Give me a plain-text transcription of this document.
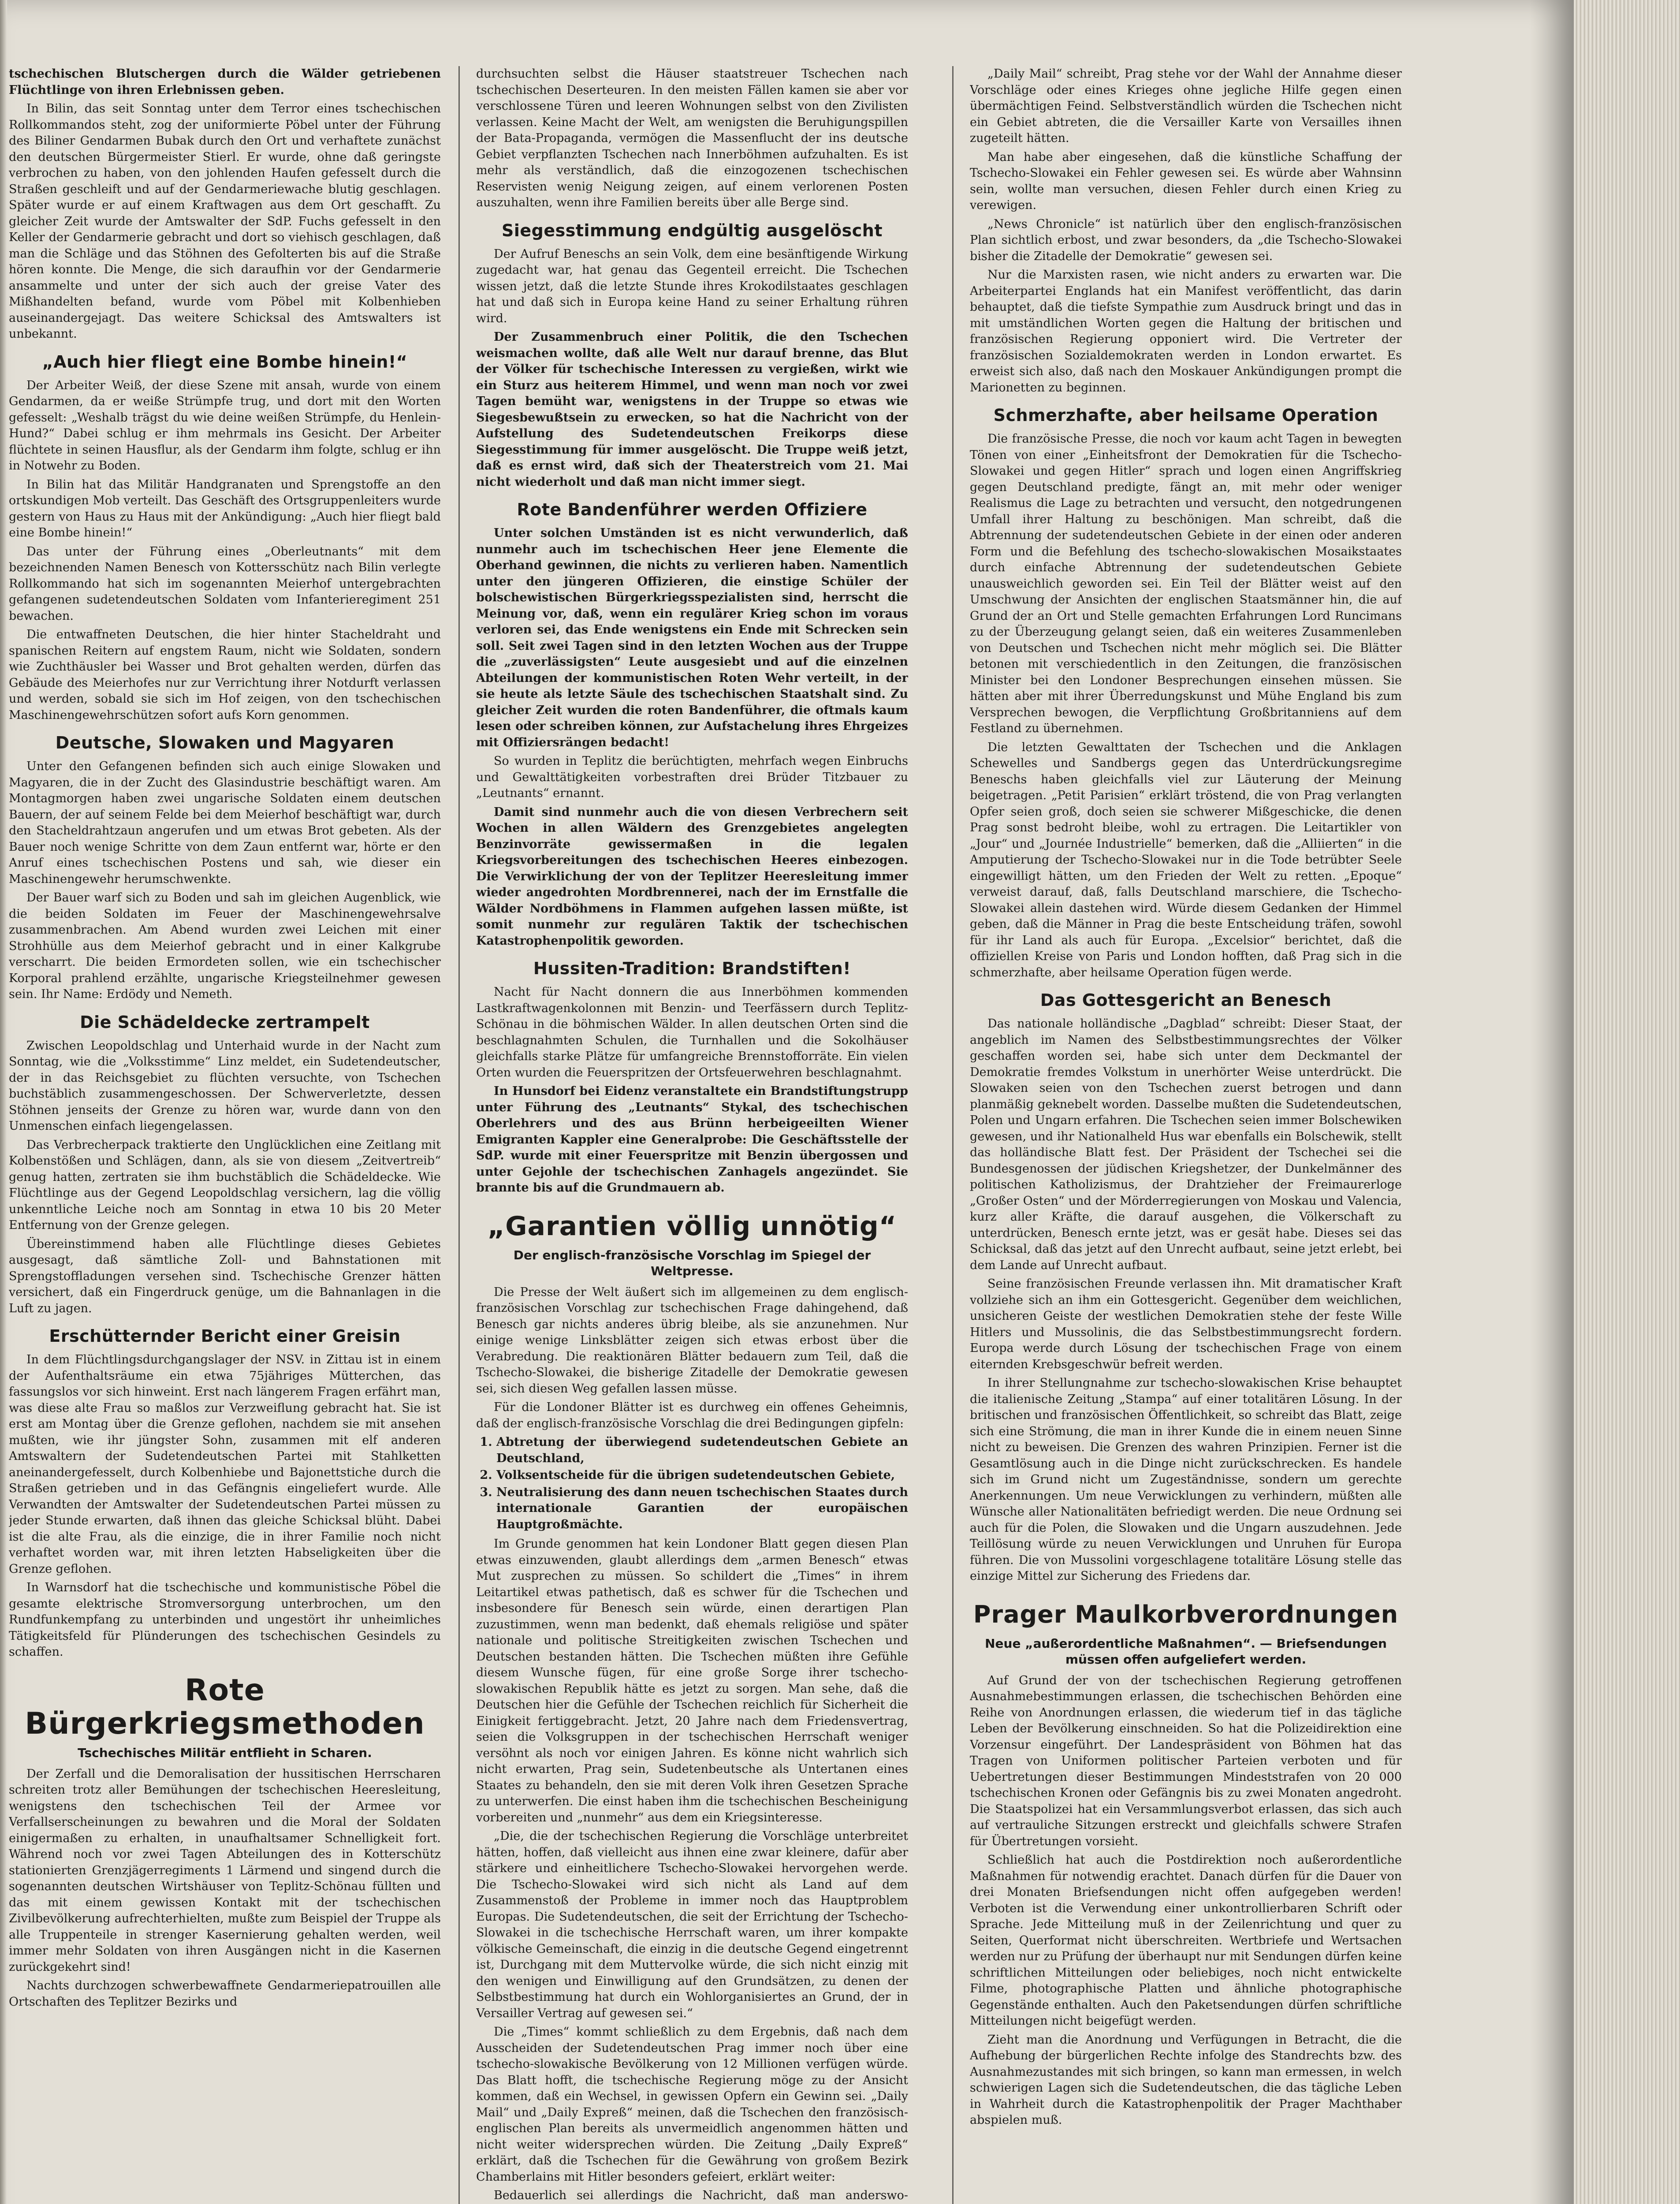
tschechischen Blutschergen durch die Wälder getriebenen Flüchtlinge von ihren Erlebnissen geben.

In Bilin, das seit Sonntag unter dem Terror eines tschechischen Rollkommandos steht, zog der uniformierte Pöbel unter der Führung des Biliner Gendarmen Bubak durch den Ort und verhaftete zunächst den deutschen Bürgermeister Stierl. Er wurde, ohne daß geringste verbrochen zu haben, von den johlenden Haufen gefesselt durch die Straßen geschleift und auf der Gendarmeriewache blutig geschlagen. Später wurde er auf einem Kraftwagen aus dem Ort geschafft. Zu gleicher Zeit wurde der Amtswalter der SdP. Fuchs gefesselt in den Keller der Gendarmerie gebracht und dort so viehisch geschlagen, daß man die Schläge und das Stöhnen des Gefolterten bis auf die Straße hören konnte. Die Menge, die sich daraufhin vor der Gendarmerie ansammelte und unter der sich auch der greise Vater des Mißhandelten befand, wurde vom Pöbel mit Kolbenhieben auseinandergejagt. Das weitere Schicksal des Amtswalters ist unbekannt.

„Auch hier fliegt eine Bombe hinein!“

Der Arbeiter Weiß, der diese Szene mit ansah, wurde von einem Gendarmen, da er weiße Strümpfe trug, und dort mit den Worten gefesselt: „Weshalb trägst du wie deine weißen Strümpfe, du Henlein-Hund?“ Dabei schlug er ihm mehrmals ins Gesicht. Der Arbeiter flüchtete in seinen Hausflur, als der Gendarm ihm folgte, schlug er ihn in Notwehr zu Boden.

In Bilin hat das Militär Handgranaten und Sprengstoffe an den ortskundigen Mob verteilt. Das Geschäft des Ortsgruppenleiters wurde gestern von Haus zu Haus mit der Ankündigung: „Auch hier fliegt bald eine Bombe hinein!“

Das unter der Führung eines „Oberleutnants“ mit dem bezeichnenden Namen Benesch von Kottersschütz nach Bilin verlegte Rollkommando hat sich im sogenannten Meierhof untergebrachten gefangenen sudetendeutschen Soldaten vom Infanterieregiment 251 bewachen.

Die entwaffneten Deutschen, die hier hinter Stacheldraht und spanischen Reitern auf engstem Raum, nicht wie Soldaten, sondern wie Zuchthäusler bei Wasser und Brot gehalten werden, dürfen das Gebäude des Meierhofes nur zur Verrichtung ihrer Notdurft verlassen und werden, sobald sie sich im Hof zeigen, von den tschechischen Maschinengewehrschützen sofort aufs Korn genommen.

Deutsche, Slowaken und Magyaren

Unter den Gefangenen befinden sich auch einige Slowaken und Magyaren, die in der Zucht des Glasindustrie beschäftigt waren. Am Montagmorgen haben zwei ungarische Soldaten einem deutschen Bauern, der auf seinem Felde bei dem Meierhof beschäftigt war, durch den Stacheldrahtzaun angerufen und um etwas Brot gebeten. Als der Bauer noch wenige Schritte von dem Zaun entfernt war, hörte er den Anruf eines tschechischen Postens und sah, wie dieser ein Maschinengewehr herumschwenkte.

Der Bauer warf sich zu Boden und sah im gleichen Augenblick, wie die beiden Soldaten im Feuer der Maschinengewehrsalve zusammenbrachen. Am Abend wurden zwei Leichen mit einer Strohhülle aus dem Meierhof gebracht und in einer Kalkgrube verscharrt. Die beiden Ermordeten sollen, wie ein tschechischer Korporal prahlend erzählte, ungarische Kriegsteilnehmer gewesen sein. Ihr Name: Erdödy und Nemeth.

Die Schädeldecke zertrampelt

Zwischen Leopoldschlag und Unterhaid wurde in der Nacht zum Sonntag, wie die „Volksstimme“ Linz meldet, ein Sudetendeutscher, der in das Reichsgebiet zu flüchten versuchte, von Tschechen buchstäblich zusammengeschossen. Der Schwerverletzte, dessen Stöhnen jenseits der Grenze zu hören war, wurde dann von den Unmenschen einfach liegengelassen.

Das Verbrecherpack traktierte den Unglücklichen eine Zeitlang mit Kolbenstößen und Schlägen, dann, als sie von diesem „Zeitvertreib“ genug hatten, zertraten sie ihm buchstäblich die Schädeldecke. Wie Flüchtlinge aus der Gegend Leopoldschlag versichern, lag die völlig unkenntliche Leiche noch am Sonntag in etwa 10 bis 20 Meter Entfernung von der Grenze gelegen.

Übereinstimmend haben alle Flüchtlinge dieses Gebietes ausgesagt, daß sämtliche Zoll- und Bahnstationen mit Sprengstoffladungen versehen sind. Tschechische Grenzer hätten versichert, daß ein Fingerdruck genüge, um die Bahnanlagen in die Luft zu jagen.

Erschütternder Bericht einer Greisin

In dem Flüchtlingsdurchgangslager der NSV. in Zittau ist in einem der Aufenthaltsräume ein etwa 75jähriges Mütterchen, das fassungslos vor sich hinweint. Erst nach längerem Fragen erfährt man, was diese alte Frau so maßlos zur Verzweiflung gebracht hat. Sie ist erst am Montag über die Grenze geflohen, nachdem sie mit ansehen mußten, wie ihr jüngster Sohn, zusammen mit elf anderen Amtswaltern der Sudetendeutschen Partei mit Stahlketten aneinandergefesselt, durch Kolbenhiebe und Bajonettstiche durch die Straßen getrieben und in das Gefängnis eingeliefert wurde. Alle Verwandten der Amtswalter der Sudetendeutschen Partei müssen zu jeder Stunde erwarten, daß ihnen das gleiche Schicksal blüht. Dabei ist die alte Frau, als die einzige, die in ihrer Familie noch nicht verhaftet worden war, mit ihren letzten Habseligkeiten über die Grenze geflohen.

In Warnsdorf hat die tschechische und kommunistische Pöbel die gesamte elektrische Stromversorgung unterbrochen, um den Rundfunkempfang zu unterbinden und ungestört ihr unheimliches Tätigkeitsfeld für Plünderungen des tschechischen Gesindels zu schaffen.

Rote Bürgerkriegsmethoden
Tschechisches Militär entflieht in Scharen.

Der Zerfall und die Demoralisation der hussitischen Herrscharen schreiten trotz aller Bemühungen der tschechischen Heeresleitung, wenigstens den tschechischen Teil der Armee vor Verfallserscheinungen zu bewahren und die Moral der Soldaten einigermaßen zu erhalten, in unaufhaltsamer Schnelligkeit fort. Während noch vor zwei Tagen Abteilungen des in Kotterschütz stationierten Grenzjägerregiments 1 Lärmend und singend durch die sogenannten deutschen Wirtshäuser von Teplitz-Schönau füllten und das mit einem gewissen Kontakt mit der tschechischen Zivilbevölkerung aufrechterhielten, mußte zum Beispiel der Truppe als alle Truppenteile in strenger Kasernierung gehalten werden, weil immer mehr Soldaten von ihren Ausgängen nicht in die Kasernen zurückgekehrt sind!

Nachts durchzogen schwerbewaffnete Gendarmeriepatrouillen alle Ortschaften des Teplitzer Bezirks und

durchsuchten selbst die Häuser staatstreuer Tschechen nach tschechischen Deserteuren. In den meisten Fällen kamen sie aber vor verschlossene Türen und leeren Wohnungen selbst von den Zivilisten verlassen. Keine Macht der Welt, am wenigsten die Beruhigungspillen der Bata-Propaganda, vermögen die Massenflucht der ins deutsche Gebiet verpflanzten Tschechen nach Innerböhmen aufzuhalten. Es ist mehr als verständlich, daß die einzogozenen tschechischen Reservisten wenig Neigung zeigen, auf einem verlorenen Posten auszuhalten, wenn ihre Familien bereits über alle Berge sind.

Siegesstimmung endgültig ausgelöscht

Der Aufruf Beneschs an sein Volk, dem eine besänftigende Wirkung zugedacht war, hat genau das Gegenteil erreicht. Die Tschechen wissen jetzt, daß die letzte Stunde ihres Krokodilstaates geschlagen hat und daß sich in Europa keine Hand zu seiner Erhaltung rühren wird.

Der Zusammenbruch einer Politik, die den Tschechen weismachen wollte, daß alle Welt nur darauf brenne, das Blut der Völker für tschechische Interessen zu vergießen, wirkt wie ein Sturz aus heiterem Himmel, und wenn man noch vor zwei Tagen bemüht war, wenigstens in der Truppe so etwas wie Siegesbewußtsein zu erwecken, so hat die Nachricht von der Aufstellung des Sudetendeutschen Freikorps diese Siegesstimmung für immer ausgelöscht. Die Truppe weiß jetzt, daß es ernst wird, daß sich der Theaterstreich vom 21. Mai nicht wiederholt und daß man nicht immer siegt.

Rote Bandenführer werden Offiziere

Unter solchen Umständen ist es nicht verwunderlich, daß nunmehr auch im tschechischen Heer jene Elemente die Oberhand gewinnen, die nichts zu verlieren haben. Namentlich unter den jüngeren Offizieren, die einstige Schüler der bolschewistischen Bürgerkriegsspezialisten sind, herrscht die Meinung vor, daß, wenn ein regulärer Krieg schon im voraus verloren sei, das Ende wenigstens ein Ende mit Schrecken sein soll. Seit zwei Tagen sind in den letzten Wochen aus der Truppe die „zuverlässigsten“ Leute ausgesiebt und auf die einzelnen Abteilungen der kommunistischen Roten Wehr verteilt, in der sie heute als letzte Säule des tschechischen Staatshalt sind. Zu gleicher Zeit wurden die roten Bandenführer, die oftmals kaum lesen oder schreiben können, zur Aufstachelung ihres Ehrgeizes mit Offiziersrängen bedacht!

So wurden in Teplitz die berüchtigten, mehrfach wegen Einbruchs und Gewalttätigkeiten vorbestraften drei Brüder Titzbauer zu „Leutnants“ ernannt.

Damit sind nunmehr auch die von diesen Verbrechern seit Wochen in allen Wäldern des Grenzgebietes angelegten Benzinvorräte gewissermaßen in die legalen Kriegsvorbereitungen des tschechischen Heeres einbezogen. Die Verwirklichung der von der Teplitzer Heeresleitung immer wieder angedrohten Mordbrennerei, nach der im Ernstfalle die Wälder Nordböhmens in Flammen aufgehen lassen müßte, ist somit nunmehr zur regulären Taktik der tschechischen Katastrophenpolitik geworden.

Hussiten-Tradition: Brandstiften!

Nacht für Nacht donnern die aus Innerböhmen kommenden Lastkraftwagenkolonnen mit Benzin- und Teerfässern durch Teplitz-Schönau in die böhmischen Wälder. In allen deutschen Orten sind die beschlagnahmten Schulen, die Turnhallen und die Sokolhäuser gleichfalls starke Plätze für umfangreiche Brennstofforräte. Ein vielen Orten wurden die Feuerspritzen der Ortsfeuerwehren beschlagnahmt.

In Hunsdorf bei Eidenz veranstaltete ein Brandstiftungstrupp unter Führung des „Leutnants“ Stykal, des tschechischen Oberlehrers und des aus Brünn herbeigeeilten Wiener Emigranten Kappler eine Generalprobe: Die Geschäftsstelle der SdP. wurde mit einer Feuerspritze mit Benzin übergossen und unter Gejohle der tschechischen Zanhagels angezündet. Sie brannte bis auf die Grundmauern ab.

„Garantien völlig unnötig“
Der englisch-französische Vorschlag im Spiegel der Weltpresse.

Die Presse der Welt äußert sich im allgemeinen zu dem englisch-französischen Vorschlag zur tschechischen Frage dahingehend, daß Benesch gar nichts anderes übrig bleibe, als sie anzunehmen. Nur einige wenige Linksblätter zeigen sich etwas erbost über die Verabredung. Die reaktionären Blätter bedauern zum Teil, daß die Tschecho-Slowakei, die bisherige Zitadelle der Demokratie gewesen sei, sich diesen Weg gefallen lassen müsse.

Für die Londoner Blätter ist es durchweg ein offenes Geheimnis, daß der englisch-französische Vorschlag die drei Bedingungen gipfeln:

1. Abtretung der überwiegend sudetendeutschen Gebiete an Deutschland,
2. Volksentscheide für die übrigen sudetendeutschen Gebiete,
3. Neutralisierung des dann neuen tschechischen Staates durch internationale Garantien der europäischen Hauptgroßmächte.

Im Grunde genommen hat kein Londoner Blatt gegen diesen Plan etwas einzuwenden, glaubt allerdings dem „armen Benesch“ etwas Mut zusprechen zu müssen. So schildert die „Times“ in ihrem Leitartikel etwas pathetisch, daß es schwer für die Tschechen und insbesondere für Benesch sein würde, einen derartigen Plan zuzustimmen, wenn man bedenkt, daß ehemals religiöse und später nationale und politische Streitigkeiten zwischen Tschechen und Deutschen bestanden hätten. Die Tschechen müßten ihre Gefühle diesem Wunsche fügen, für eine große Sorge ihrer tschecho-slowakischen Republik hätte es jetzt zu sorgen. Man sehe, daß die Deutschen hier die Gefühle der Tschechen reichlich für Sicherheit die Einigkeit fertiggebracht. Jetzt, 20 Jahre nach dem Friedensvertrag, seien die Volksgruppen in der tschechischen Herrschaft weniger versöhnt als noch vor einigen Jahren. Es könne nicht wahrlich sich nicht erwarten, Prag sein, Sudetenbeutsche als Untertanen eines Staates zu behandeln, den sie mit deren Volk ihren Gesetzen Sprache zu unterwerfen. Die einst haben ihm die tschechischen Bescheinigung vorbereiten und „nunmehr“ aus dem ein Kriegsinteresse.

„Die, die der tschechischen Regierung die Vorschläge unterbreitet hätten, hoffen, daß vielleicht aus ihnen eine zwar kleinere, dafür aber stärkere und einheitlichere Tschecho-Slowakei hervorgehen werde. Die Tschecho-Slowakei wird sich nicht als Land auf dem Zusammenstoß der Probleme in immer noch das Hauptproblem Europas. Die Sudetendeutschen, die seit der Errichtung der Tschecho-Slowakei in die tschechische Herrschaft waren, um ihrer kompakte völkische Gemeinschaft, die einzig in die deutsche Gegend eingetrennt ist, Durchgang mit dem Muttervolke würde, die sich nicht einzig mit den wenigen und Einwilligung auf den Grundsätzen, zu denen der Selbstbestimmung hat durch ein Wohlorganisiertes an Grund, der in Versailler Vertrag auf gewesen sei.“

Die „Times“ kommt schließlich zu dem Ergebnis, daß nach dem Ausscheiden der Sudetendeutschen Prag immer noch über eine tschecho-slowakische Bevölkerung von 12 Millionen verfügen würde. Das Blatt hofft, die tschechische Regierung möge zu der Ansicht kommen, daß ein Wechsel, in gewissen Opfern ein Gewinn sei. „Daily Mail“ und „Daily Expreß“ meinen, daß die Tschechen den französisch-englischen Plan bereits als unvermeidlich angenommen hätten und nicht weiter widersprechen würden. Die Zeitung „Daily Expreß“ erklärt, daß die Tschechen für die Gewährung von großem Bezirk Chamberlains mit Hitler besonders gefeiert, erklärt weiter:

Bedauerlich sei allerdings die Nachricht, daß man anderswo-

„Daily Mail“ schreibt, Prag stehe vor der Wahl der Annahme dieser Vorschläge oder eines Krieges ohne jegliche Hilfe gegen einen übermächtigen Feind. Selbstverständlich würden die Tschechen nicht ein Gebiet abtreten, die die Versailler Karte von Versailles ihnen zugeteilt hätten.

Man habe aber eingesehen, daß die künstliche Schaffung der Tschecho-Slowakei ein Fehler gewesen sei. Es würde aber Wahnsinn sein, wollte man versuchen, diesen Fehler durch einen Krieg zu verewigen.

„News Chronicle“ ist natürlich über den englisch-französischen Plan sichtlich erbost, und zwar besonders, da „die Tschecho-Slowakei bisher die Zitadelle der Demokratie“ gewesen sei.

Nur die Marxisten rasen, wie nicht anders zu erwarten war. Die Arbeiterpartei Englands hat ein Manifest veröffentlicht, das darin behauptet, daß die tiefste Sympathie zum Ausdruck bringt und das in mit umständlichen Worten gegen die Haltung der britischen und französischen Regierung opponiert wird. Die Vertreter der französischen Sozialdemokraten werden in London erwartet. Es erweist sich also, daß nach den Moskauer Ankündigungen prompt die Marionetten zu beginnen.

Schmerzhafte, aber heilsame Operation

Die französische Presse, die noch vor kaum acht Tagen in bewegten Tönen von einer „Einheitsfront der Demokratien für die Tschecho-Slowakei und gegen Hitler“ sprach und logen einen Angriffskrieg gegen Deutschland predigte, fängt an, mit mehr oder weniger Realismus die Lage zu betrachten und versucht, den notgedrungenen Umfall ihrer Haltung zu beschönigen. Man schreibt, daß die Abtrennung der sudetendeutschen Gebiete in der einen oder anderen Form und die Befehlung des tschecho-slowakischen Mosaikstaates durch einfache Abtrennung der sudetendeutschen Gebiete unausweichlich geworden sei. Ein Teil der Blätter weist auf den Umschwung der Ansichten der englischen Staatsmänner hin, die auf Grund der an Ort und Stelle gemachten Erfahrungen Lord Runcimans zu der Überzeugung gelangt seien, daß ein weiteres Zusammenleben von Deutschen und Tschechen nicht mehr möglich sei. Die Blätter betonen mit verschiedentlich in den Zeitungen, die französischen Minister bei den Londoner Besprechungen einsehen müssen. Sie hätten aber mit ihrer Überredungskunst und Mühe England bis zum Versprechen bewogen, die Verpflichtung Großbritanniens auf dem Festland zu übernehmen.

Die letzten Gewalttaten der Tschechen und die Anklagen Schewelles und Sandbergs gegen das Unterdrückungsregime Beneschs haben gleichfalls viel zur Läuterung der Meinung beigetragen. „Petit Parisien“ erklärt tröstend, die von Prag verlangten Opfer seien groß, doch seien sie schwerer Mißgeschicke, die denen Prag sonst bedroht bleibe, wohl zu ertragen. Die Leitartikler von „Jour“ und „Journée Industrielle“ bemerken, daß die „Alliierten“ in die Amputierung der Tschecho-Slowakei nur in die Tode betrübter Seele eingewilligt hätten, um den Frieden der Welt zu retten. „Epoque“ verweist darauf, daß, falls Deutschland marschiere, die Tschecho-Slowakei allein dastehen wird. Würde diesem Gedanken der Himmel geben, daß die Männer in Prag die beste Entscheidung träfen, sowohl für ihr Land als auch für Europa. „Excelsior“ berichtet, daß die offiziellen Kreise von Paris und London hofften, daß Prag sich in die schmerzhafte, aber heilsame Operation fügen werde.

Das Gottesgericht an Benesch

Das nationale holländische „Dagblad“ schreibt: Dieser Staat, der angeblich im Namen des Selbstbestimmungsrechtes der Völker geschaffen worden sei, habe sich unter dem Deckmantel der Demokratie fremdes Volkstum in unerhörter Weise unterdrückt. Die Slowaken seien von den Tschechen zuerst betrogen und dann planmäßig geknebelt worden. Dasselbe mußten die Sudetendeutschen, Polen und Ungarn erfahren. Die Tschechen seien immer Bolschewiken gewesen, und ihr Nationalheld Hus war ebenfalls ein Bolschewik, stellt das holländische Blatt fest. Der Präsident der Tschechei sei die Bundesgenossen der jüdischen Kriegshetzer, der Dunkelmänner des politischen Katholizismus, der Drahtzieher der Freimaurerloge „Großer Osten“ und der Mörderregierungen von Moskau und Valencia, kurz aller Kräfte, die darauf ausgehen, die Völkerschaft zu unterdrücken, Benesch ernte jetzt, was er gesät habe. Dieses sei das Schicksal, daß das jetzt auf den Unrecht aufbaut, seine jetzt erlebt, bei dem Lande auf Unrecht aufbaut.

Seine französischen Freunde verlassen ihn. Mit dramatischer Kraft vollziehe sich an ihm ein Gottesgericht. Gegenüber dem weichlichen, unsicheren Geiste der westlichen Demokratien stehe der feste Wille Hitlers und Mussolinis, die das Selbstbestimmungsrecht fordern. Europa werde durch Lösung der tschechischen Frage von einem eiternden Krebsgeschwür befreit werden.

In ihrer Stellungnahme zur tschecho-slowakischen Krise behauptet die italienische Zeitung „Stampa“ auf einer totalitären Lösung. In der britischen und französischen Öffentlichkeit, so schreibt das Blatt, zeige sich eine Strömung, die man in ihrer Kunde die in einem neuen Sinne nicht zu beweisen. Die Grenzen des wahren Prinzipien. Ferner ist die Gesamtlösung auch in die Dinge nicht zurückschrecken. Es handele sich im Grund nicht um Zugeständnisse, sondern um gerechte Anerkennungen. Um neue Verwicklungen zu verhindern, müßten alle Wünsche aller Nationalitäten befriedigt werden. Die neue Ordnung sei auch für die Polen, die Slowaken und die Ungarn auszudehnen. Jede Teillösung würde zu neuen Verwicklungen und Unruhen für Europa führen. Die von Mussolini vorgeschlagene totalitäre Lösung stelle das einzige Mittel zur Sicherung des Friedens dar.

Prager Maulkorbverordnungen
Neue „außerordentliche Maßnahmen“. — Briefsendungen müssen offen aufgeliefert werden.

Auf Grund der von der tschechischen Regierung getroffenen Ausnahmebestimmungen erlassen, die tschechischen Behörden eine Reihe von Anordnungen erlassen, die wiederum tief in das tägliche Leben der Bevölkerung einschneiden. So hat die Polizeidirektion eine Vorzensur eingeführt. Der Landespräsident von Böhmen hat das Tragen von Uniformen politischer Parteien verboten und für Uebertretungen dieser Bestimmungen Mindeststrafen von 20 000 tschechischen Kronen oder Gefängnis bis zu zwei Monaten angedroht. Die Staatspolizei hat ein Versammlungsverbot erlassen, das sich auch auf vertrauliche Sitzungen erstreckt und gleichfalls schwere Strafen für Übertretungen vorsieht.

Schließlich hat auch die Postdirektion noch außerordentliche Maßnahmen für notwendig erachtet. Danach dürfen für die Dauer von drei Monaten Briefsendungen nicht offen aufgegeben werden! Verboten ist die Verwendung einer unkontrollierbaren Schrift oder Sprache. Jede Mitteilung muß in der Zeilenrichtung und quer zu Seiten, Querformat nicht überschreiten. Wertbriefe und Wertsachen werden nur zu Prüfung der überhaupt nur mit Sendungen dürfen keine schriftlichen Mitteilungen oder beliebiges, noch nicht entwickelte Filme, photographische Platten und ähnliche photographische Gegenstände enthalten. Auch den Paketsendungen dürfen schriftliche Mitteilungen nicht beigefügt werden.

Zieht man die Anordnung und Verfügungen in Betracht, die die Aufhebung der bürgerlichen Rechte infolge des Standrechts bzw. des Ausnahmezustandes mit sich bringen, so kann man ermessen, in welch schwierigen Lagen sich die Sudetendeutschen, die das tägliche Leben in Wahrheit durch die Katastrophenpolitik der Prager Machthaber abspielen muß.
